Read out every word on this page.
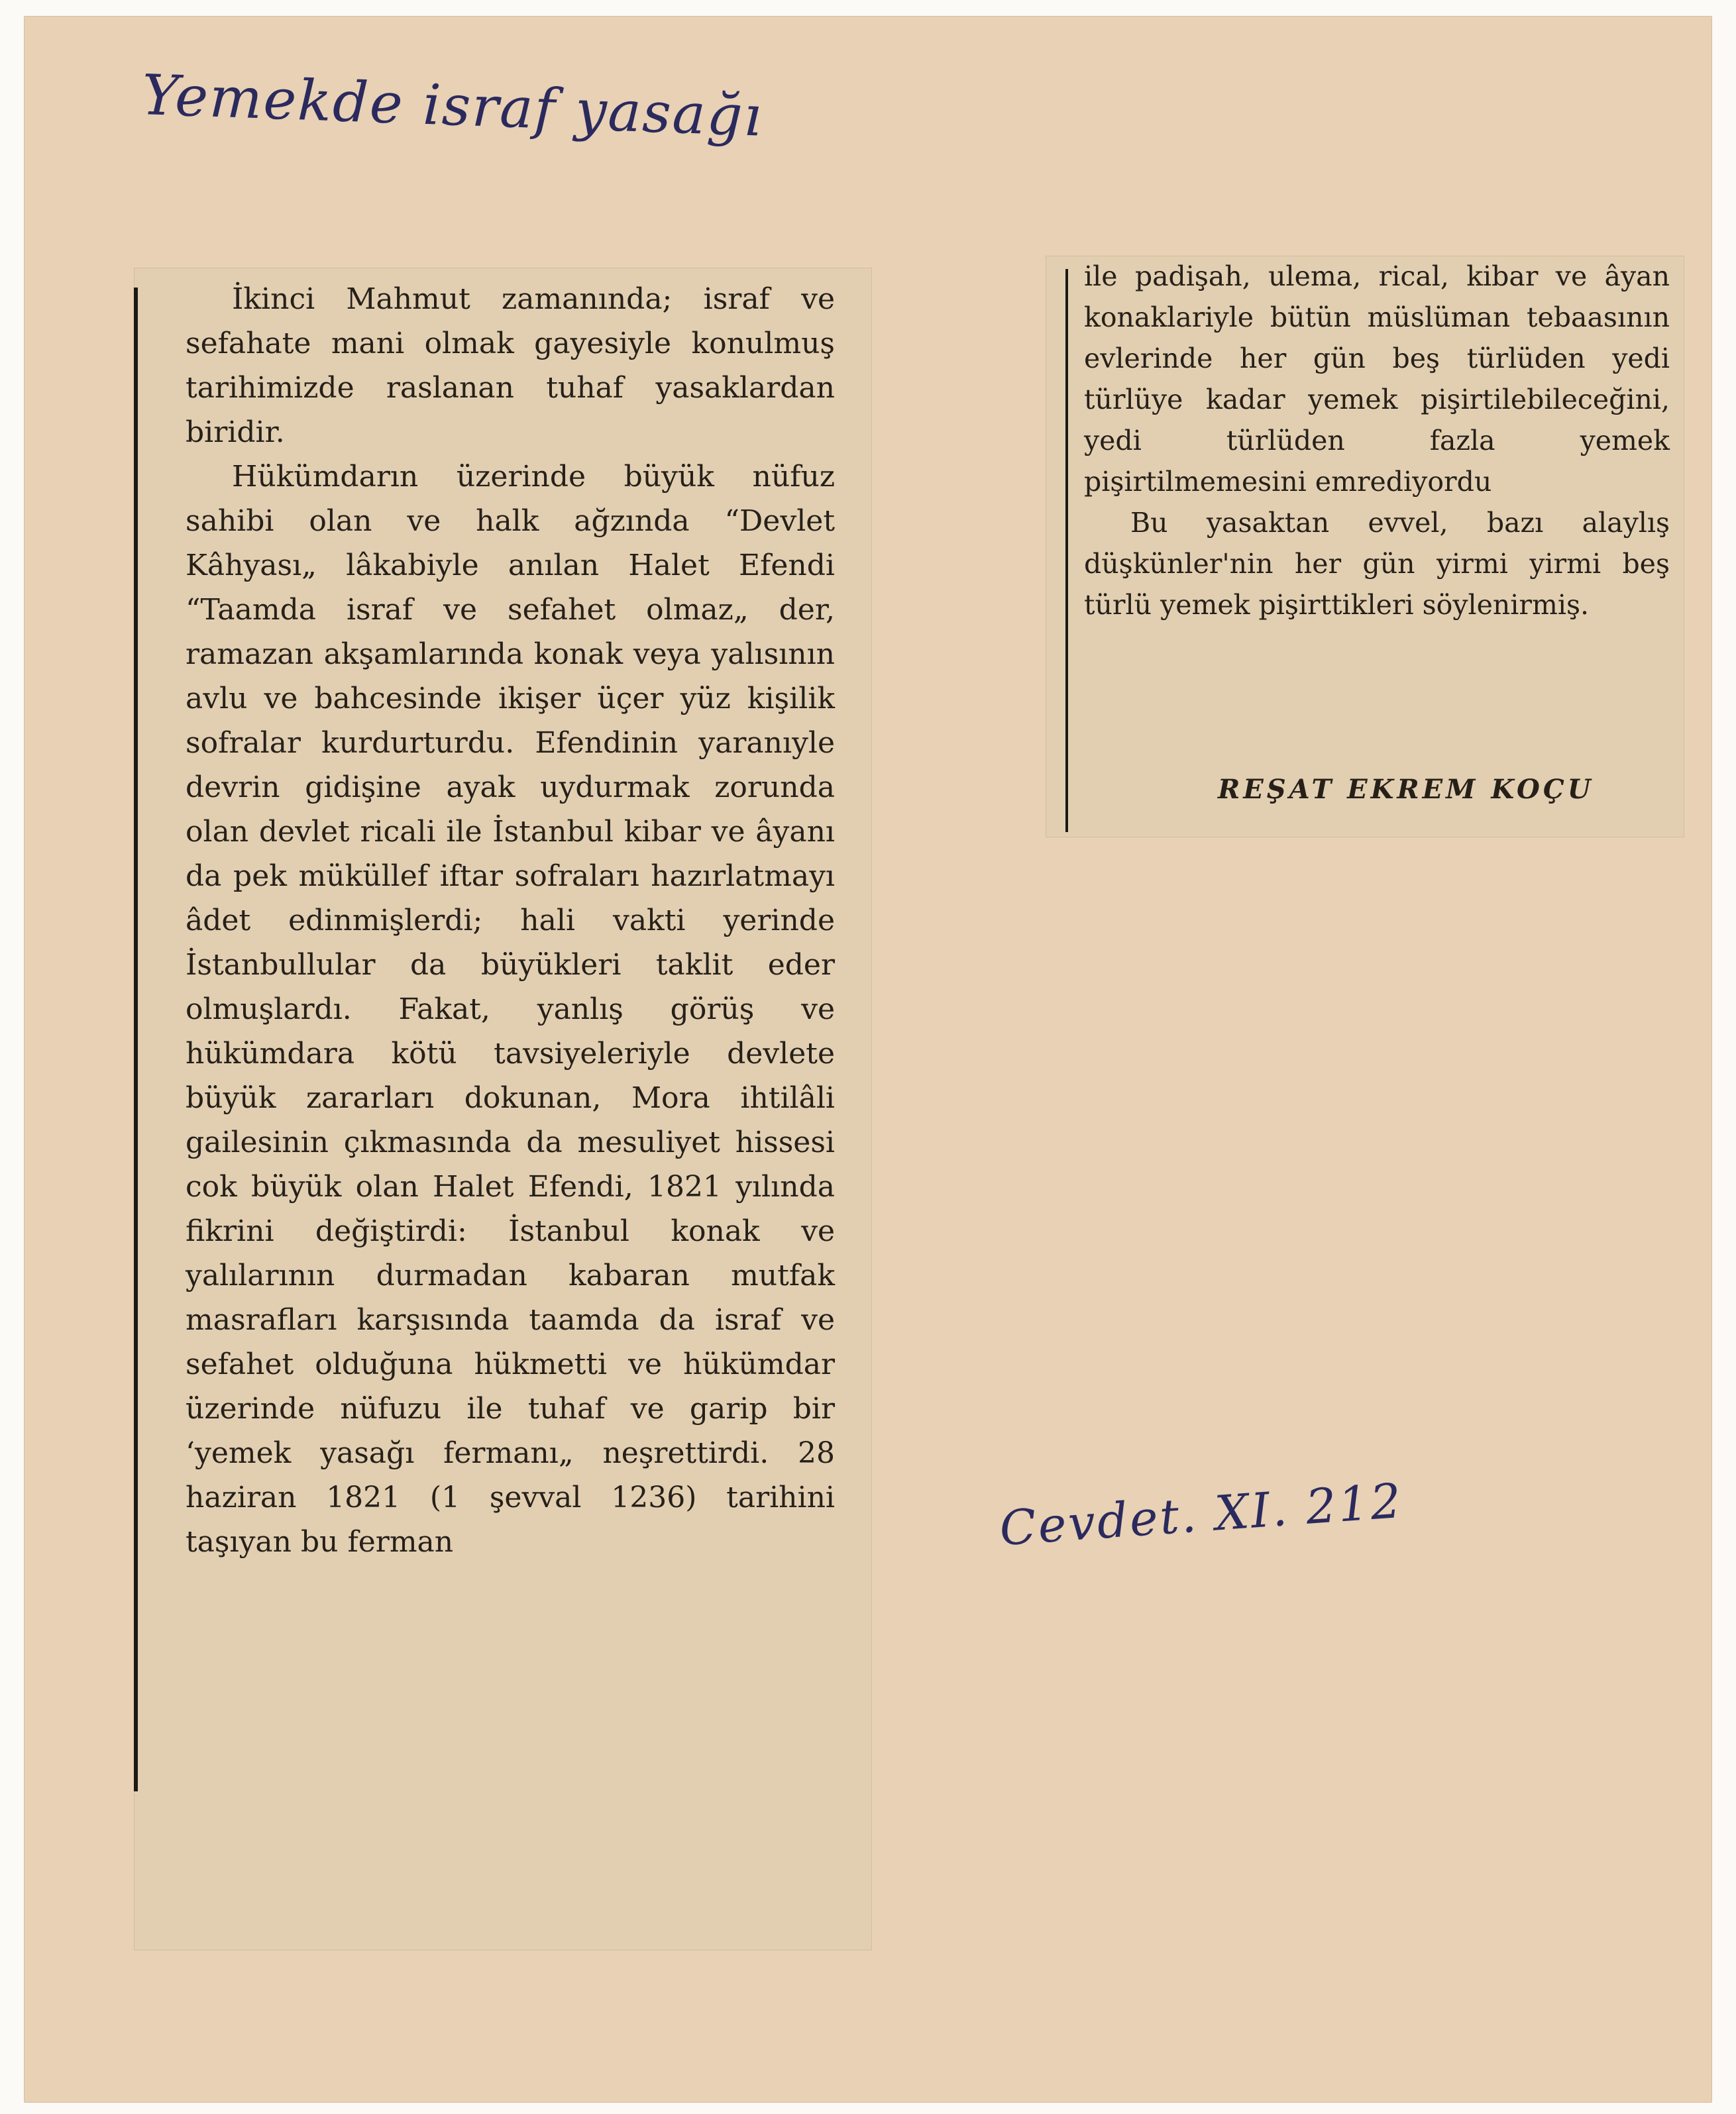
Yemekde israf yasağı

İkinci Mahmut zamanında; israf ve sefahate mani olmak gayesiyle konulmuş tarihimizde raslanan tuhaf yasaklardan biridir.

Hükümdarın üzerinde büyük nüfuz sahibi olan ve halk ağzında “Devlet Kâhyası„ lâkabiyle anılan Halet Efendi “Taamda israf ve sefahet olmaz„ der, ramazan akşamlarında konak veya yalısının avlu ve bahcesinde ikişer üçer yüz kişilik sofralar kurdurturdu. Efendinin yaranıyle devrin gidişine ayak uydurmak zorunda olan devlet ricali ile İstanbul kibar ve âyanı da pek müküllef iftar sofraları hazırlatmayı âdet edinmişlerdi; hali vakti yerinde İstanbullular da büyükleri taklit eder olmuşlardı. Fakat, yanlış görüş ve hükümdara kötü tavsiyeleriyle devlete büyük zararları dokunan, Mora ihtilâli gailesinin çıkmasında da mesuliyet hissesi cok büyük olan Halet Efendi, 1821 yılında fikrini değiştirdi: İstanbul konak ve yalılarının durmadan kabaran mutfak masrafları karşısında taamda da israf ve sefahet olduğuna hükmetti ve hükümdar üzerinde nüfuzu ile tuhaf ve garip bir ‘yemek yasağı fermanı„ neşrettirdi. 28 haziran 1821 (1 şevval 1236) tarihini taşıyan bu ferman

ile padişah, ulema, rical, kibar ve âyan konaklariyle bütün müslüman tebaasının evlerinde her gün beş türlüden yedi türlüye kadar yemek pişirtilebileceğini, yedi türlüden fazla yemek pişirtilmemesini emrediyordu

Bu yasaktan evvel, bazı alaylış düşkünler'nin her gün yirmi yirmi beş türlü yemek pişirttikleri söylenirmiş.

REŞAT EKREM KOÇU
Cevdet. XI. 212
